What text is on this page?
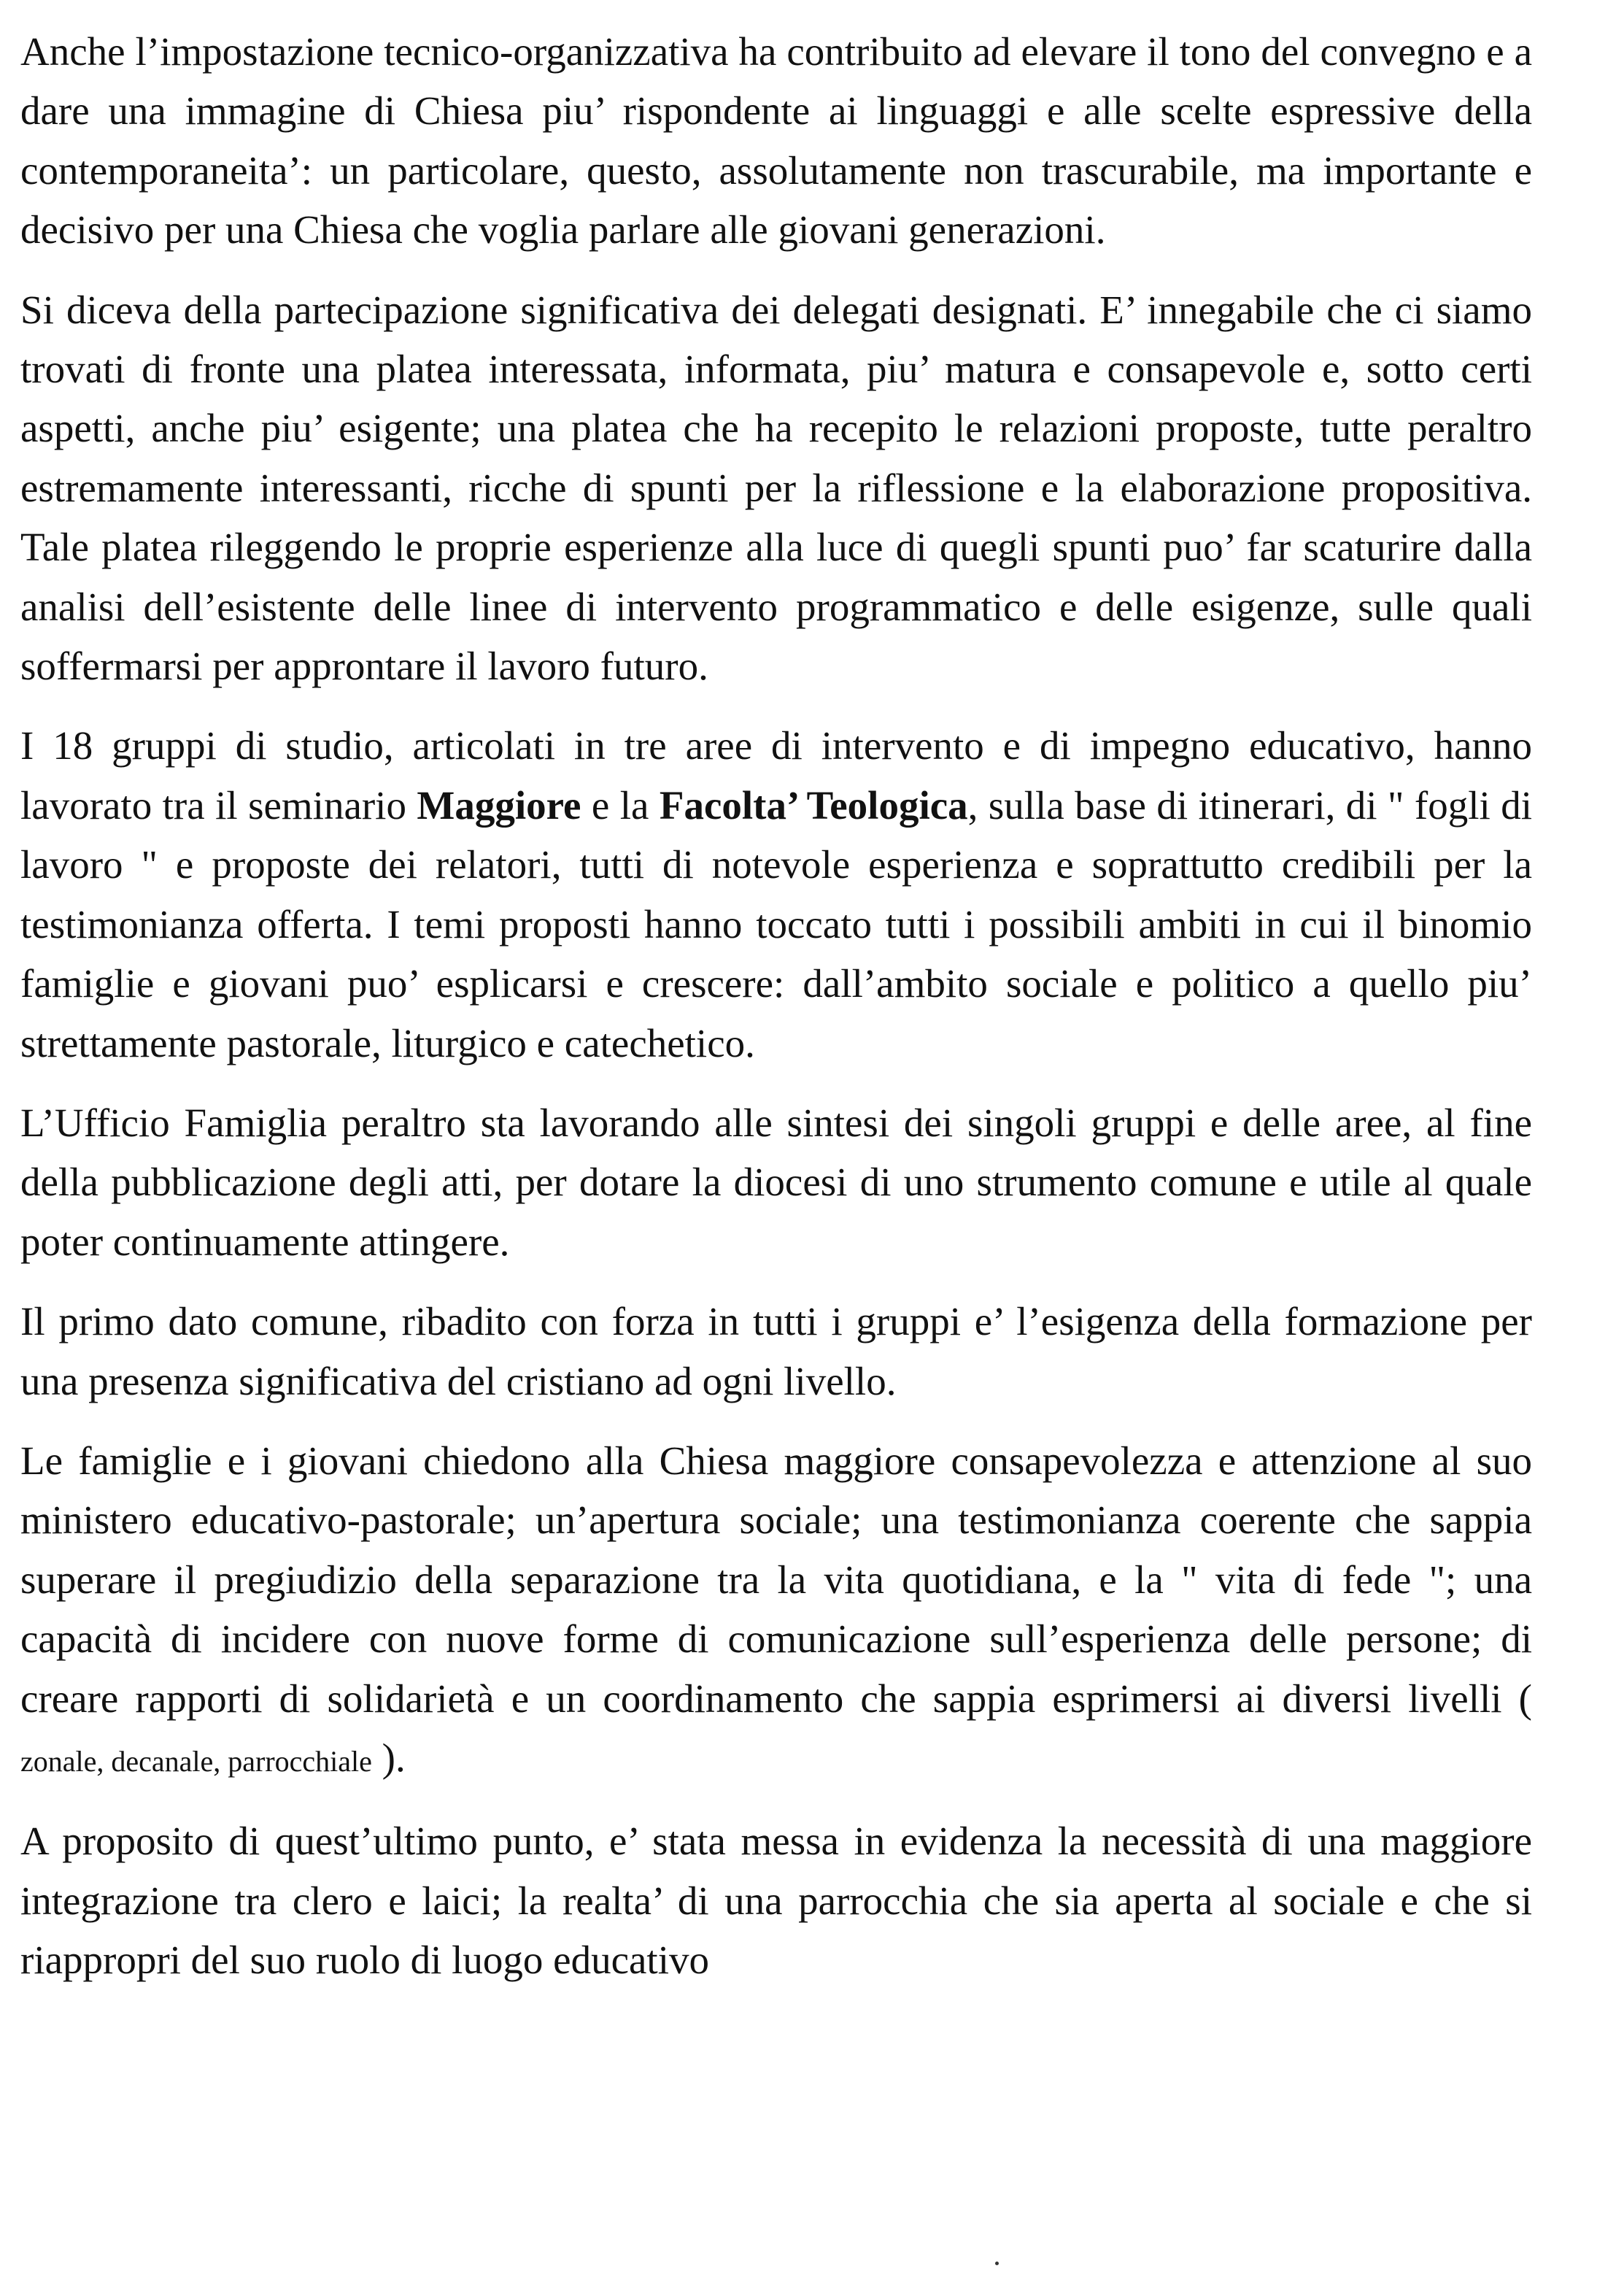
Anche l’impostazione tecnico-organizzativa ha contribuito ad elevare il tono del convegno e a dare una immagine di Chiesa piu’ rispondente ai linguaggi e alle scelte espressive della contemporaneita’: un particolare, questo, assolutamente non trascurabile, ma importante e decisivo per una Chiesa che voglia parlare alle giovani generazioni.

Si diceva della partecipazione significativa dei delegati designati. E’ innegabile che ci siamo trovati di fronte una platea interessata, informata, piu’ matura e consapevole e, sotto certi aspetti, anche piu’ esigente; una platea che ha recepito le relazioni proposte, tutte peraltro estremamente interessanti, ricche di spunti per la riflessione e la elaborazione propositiva. Tale platea rileggendo le proprie esperienze alla luce di quegli spunti puo’ far scaturire dalla analisi dell’esistente delle linee di intervento programmatico e delle esigenze, sulle quali soffermarsi per approntare il lavoro futuro.

I 18 gruppi di studio, articolati in tre aree di intervento e di impegno educativo, hanno lavorato tra il seminario Maggiore e la Facolta’ Teologica, sulla base di itinerari, di " fogli di lavoro " e proposte dei relatori, tutti di notevole esperienza e soprattutto credibili per la testimonianza offerta. I temi proposti hanno toccato tutti i possibili ambiti in cui il binomio famiglie e giovani puo’ esplicarsi e crescere: dall’ambito sociale e politico a quello piu’ strettamente pastorale, liturgico e catechetico.

L’Ufficio Famiglia peraltro sta lavorando alle sintesi dei singoli gruppi e delle aree, al fine della pubblicazione degli atti, per dotare la diocesi di uno strumento comune e utile al quale poter continuamente attingere.

Il primo dato comune, ribadito con forza in tutti i gruppi e’ l’esigenza della formazione per una presenza significativa del cristiano ad ogni livello.

Le famiglie e i giovani chiedono alla Chiesa maggiore consapevolezza e attenzione al suo ministero educativo-pastorale; un’apertura sociale; una testimonianza coerente che sappia superare il pregiudizio della separazione tra la vita quotidiana, e la " vita di fede "; una capacità di incidere con nuove forme di comunicazione sull’esperienza delle persone; di creare rapporti di solidarietà e un coordinamento che sappia esprimersi ai diversi livelli ( zonale, decanale, parrocchiale ).

A proposito di quest’ultimo punto, e’ stata messa in evidenza la necessità di una maggiore integrazione tra clero e laici; la realta’ di una parrocchia che sia aperta al sociale e che si riappropri del suo ruolo di luogo educativo
